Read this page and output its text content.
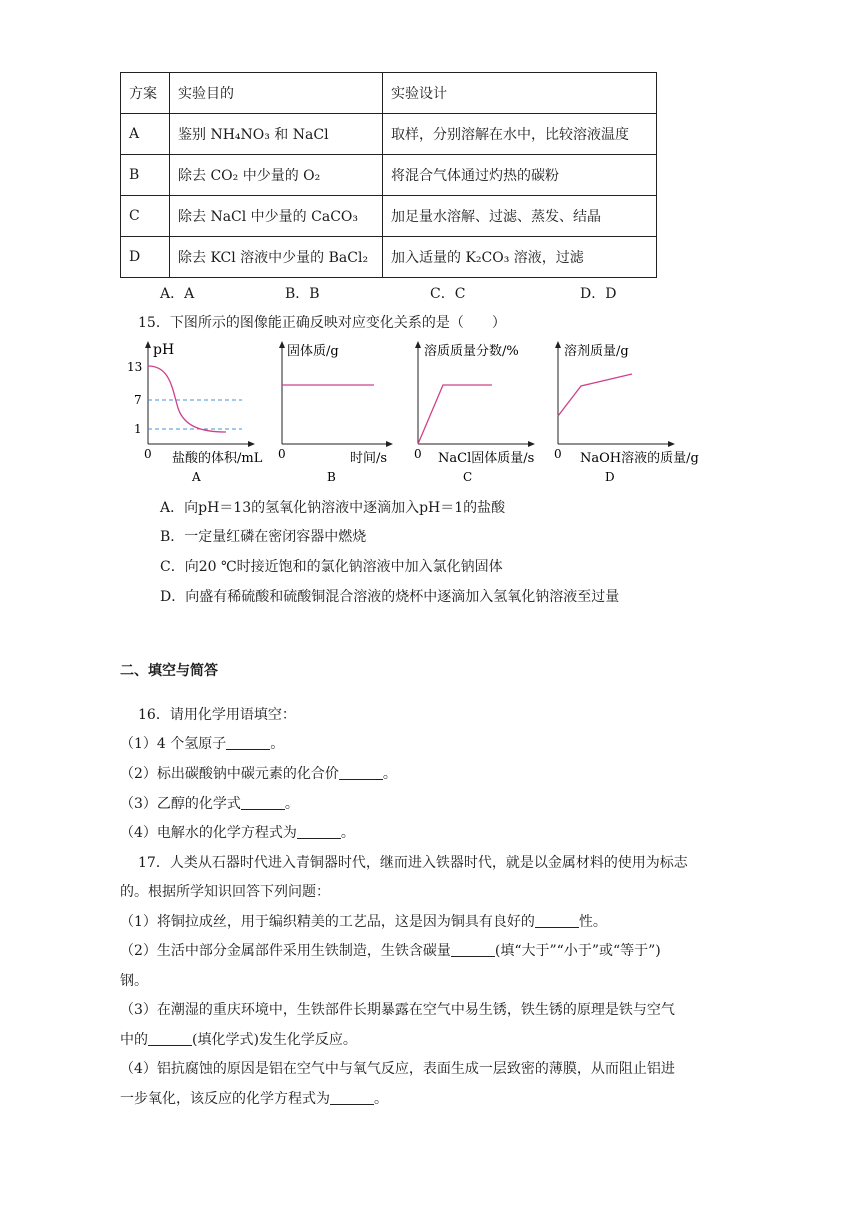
方案	实验目的	实验设计
A	鉴别 NH₄NO₃ 和 NaCl	取样，分别溶解在水中，比较溶液温度
B	除去 CO₂ 中少量的 O₂	将混合气体通过灼热的碳粉
C	除去 NaCl 中少量的 CaCO₃	加足量水溶解、过滤、蒸发、结晶
D	除去 KCl 溶液中少量的 BaCl₂	加入适量的 K₂CO₃ 溶液，过滤
A．A	B．B	C．C	D．D
15．下图所示的图像能正确反映对应变化关系的是（　　）
pH
13
7
1
0 盐酸的体积/mL
A
固体质/g
0	时间/s
B
溶质质量分数/%
0 NaCl固体质量/s
C
溶剂质量/g
0 NaOH溶液的质量/g
D
A．向pH＝13的氢氧化钠溶液中逐滴加入pH＝1的盐酸
B．一定量红磷在密闭容器中燃烧
C．向20 ℃时接近饱和的氯化钠溶液中加入氯化钠固体
D．向盛有稀硫酸和硫酸铜混合溶液的烧杯中逐滴加入氢氧化钠溶液至过量
二、填空与简答
16．请用化学用语填空：
（1）4 个氢原子	。
（2）标出碳酸钠中碳元素的化合价	。
（3）乙醇的化学式	。
（4）电解水的化学方程式为	。
17．人类从石器时代进入青铜器时代，继而进入铁器时代，就是以金属材料的使用为标志
的。根据所学知识回答下列问题：
（1）将铜拉成丝，用于编织精美的工艺品，这是因为铜具有良好的	性。
（2）生活中部分金属部件采用生铁制造，生铁含碳量	(填“大于”“小于”或“等于”)
钢。
（3）在潮湿的重庆环境中，生铁部件长期暴露在空气中易生锈，铁生锈的原理是铁与空气
中的	(填化学式)发生化学反应。
（4）铝抗腐蚀的原因是铝在空气中与氧气反应，表面生成一层致密的薄膜，从而阻止铝进
一步氧化，该反应的化学方程式为	。
